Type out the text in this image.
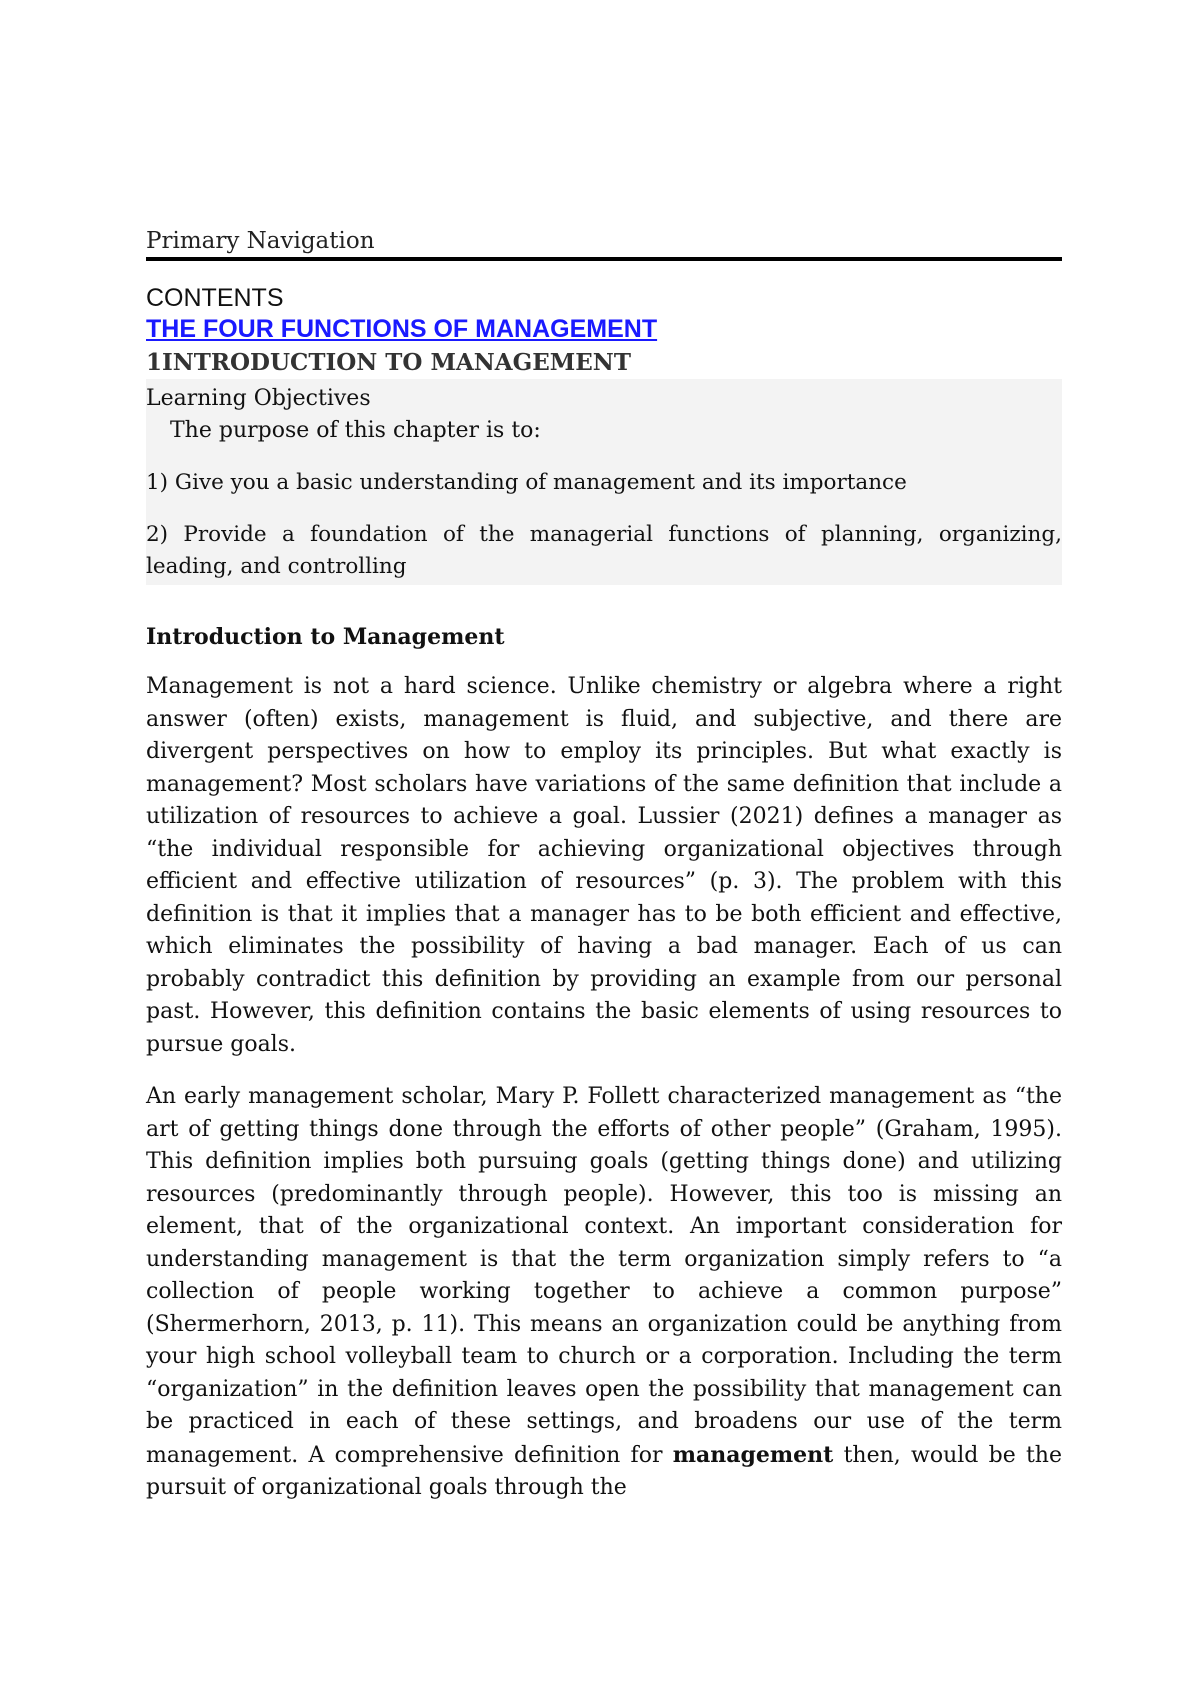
Primary Navigation
CONTENTS
THE FOUR FUNCTIONS OF MANAGEMENT
1INTRODUCTION TO MANAGEMENT
Learning Objectives
The purpose of this chapter is to:
1) Give you a basic understanding of management and its importance
2) Provide a foundation of the managerial functions of planning, organizing, leading, and controlling
Introduction to Management

Management is not a hard science. Unlike chemistry or algebra where a right answer (often) exists, management is fluid, and subjective, and there are divergent perspectives on how to employ its principles. But what exactly is management? Most scholars have variations of the same definition that include a utilization of resources to achieve a goal. Lussier (2021) defines a manager as “the individual responsible for achieving organizational objectives through efficient and effective utilization of resources” (p. 3). The problem with this definition is that it implies that a manager has to be both efficient and effective, which eliminates the possibility of having a bad manager. Each of us can probably contradict this definition by providing an example from our personal past. However, this definition contains the basic elements of using resources to pursue goals.

An early management scholar, Mary P. Follett characterized management as “the art of getting things done through the efforts of other people” (Graham, 1995). This definition implies both pursuing goals (getting things done) and utilizing resources (predominantly through people). However, this too is missing an element, that of the organizational context. An important consideration for understanding management is that the term organization simply refers to “a collection of people working together to achieve a common purpose” (Shermerhorn, 2013, p. 11). This means an organization could be anything from your high school volleyball team to church or a corporation. Including the term “organization” in the definition leaves open the possibility that management can be practiced in each of these settings, and broadens our use of the term management. A comprehensive definition for management then, would be the pursuit of organizational goals through the
